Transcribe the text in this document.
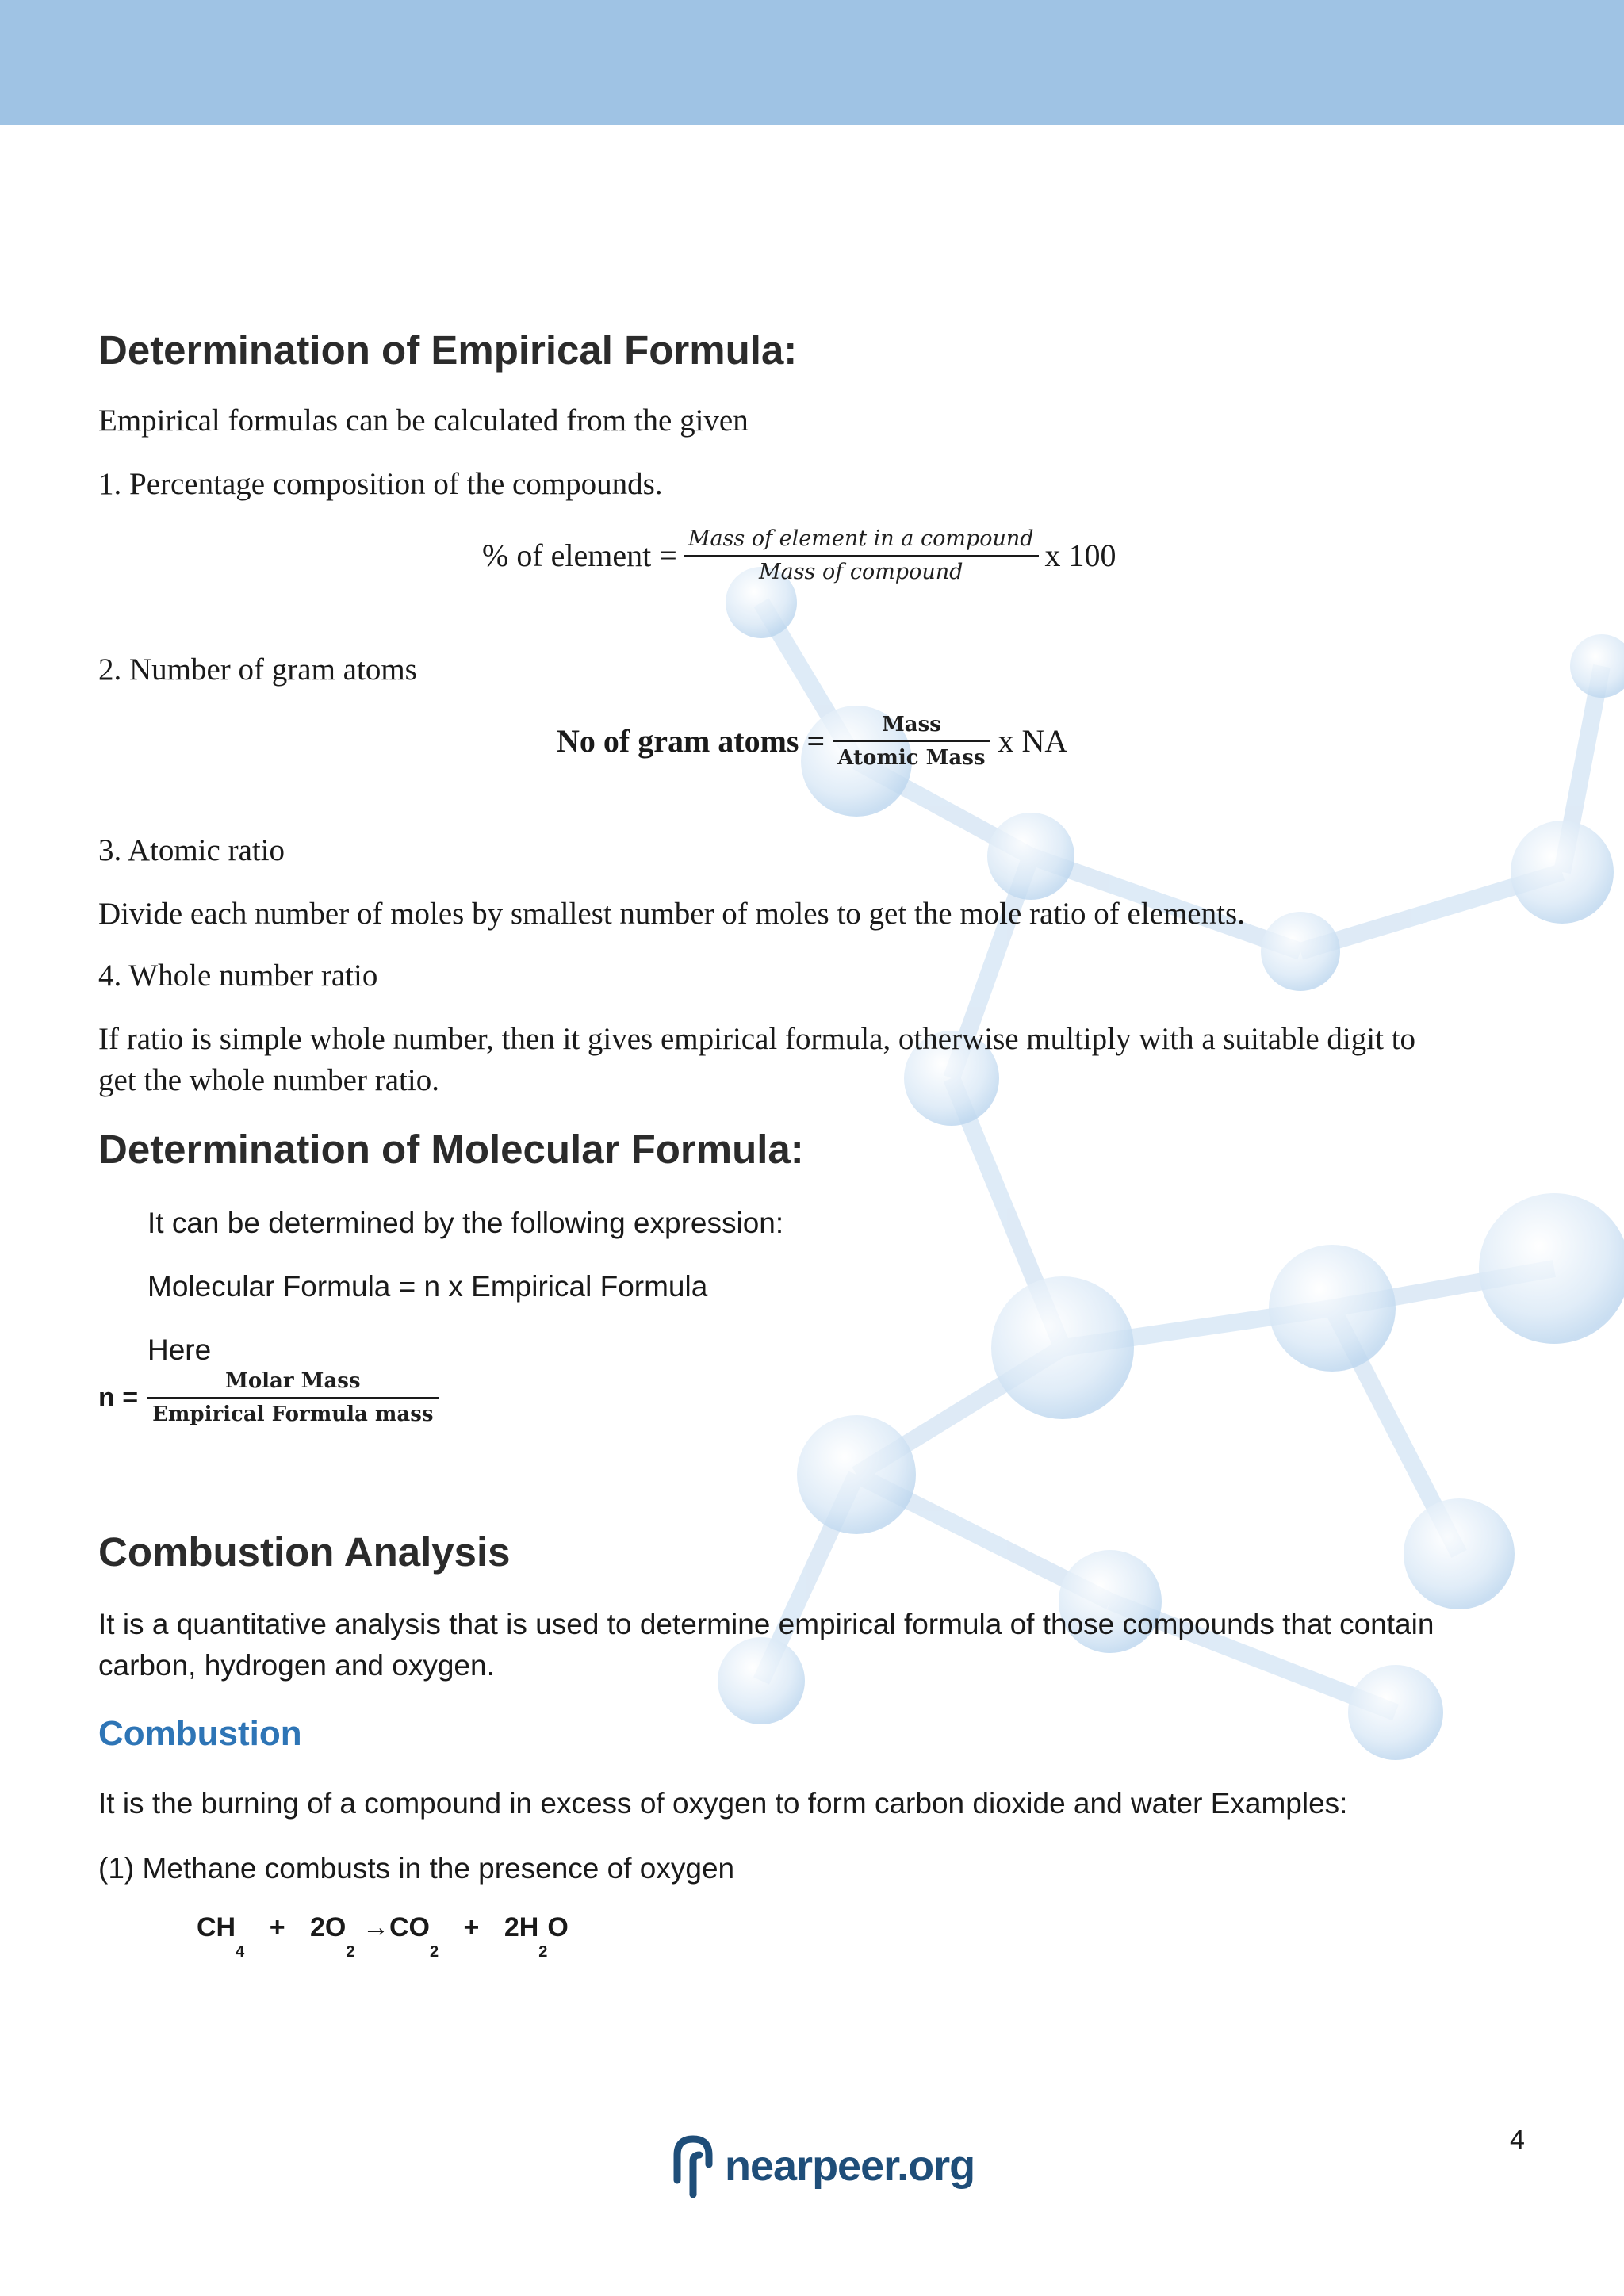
Determination of Empirical Formula:

Empirical formulas can be calculated from the given

1. Percentage composition of the compounds.

% of element = $\frac{\text{Mass of element in a compound}}{\text{Mass of compound}}$ x 100

2. Number of gram atoms

No of gram atoms = $\frac{\text{Mass}}{\text{Atomic Mass}}$ x NA

3. Atomic ratio

Divide each number of moles by smallest number of moles to get the mole ratio of elements.

4. Whole number ratio

If ratio is simple whole number, then it gives empirical formula, otherwise multiply with a suitable digit to

get the whole number ratio.

Determination of Molecular Formula:

It can be determined by the following expression:

Molecular Formula = n x Empirical Formula

Here

$n = \frac{\text{Molar Mass}}{\text{Empirical Formula mass}}$
Combustion Analysis

It is a quantitative analysis that is used to determine empirical formula of those compounds that contain

carbon, hydrogen and oxygen.

Combustion

It is the burning of a compound in excess of oxygen to form carbon dioxide and water Examples:

(1) Methane combusts in the presence of oxygen

$CH_4 + 2O_2 \to CO_2 + 2H_2O$
4
nearpeer.org
